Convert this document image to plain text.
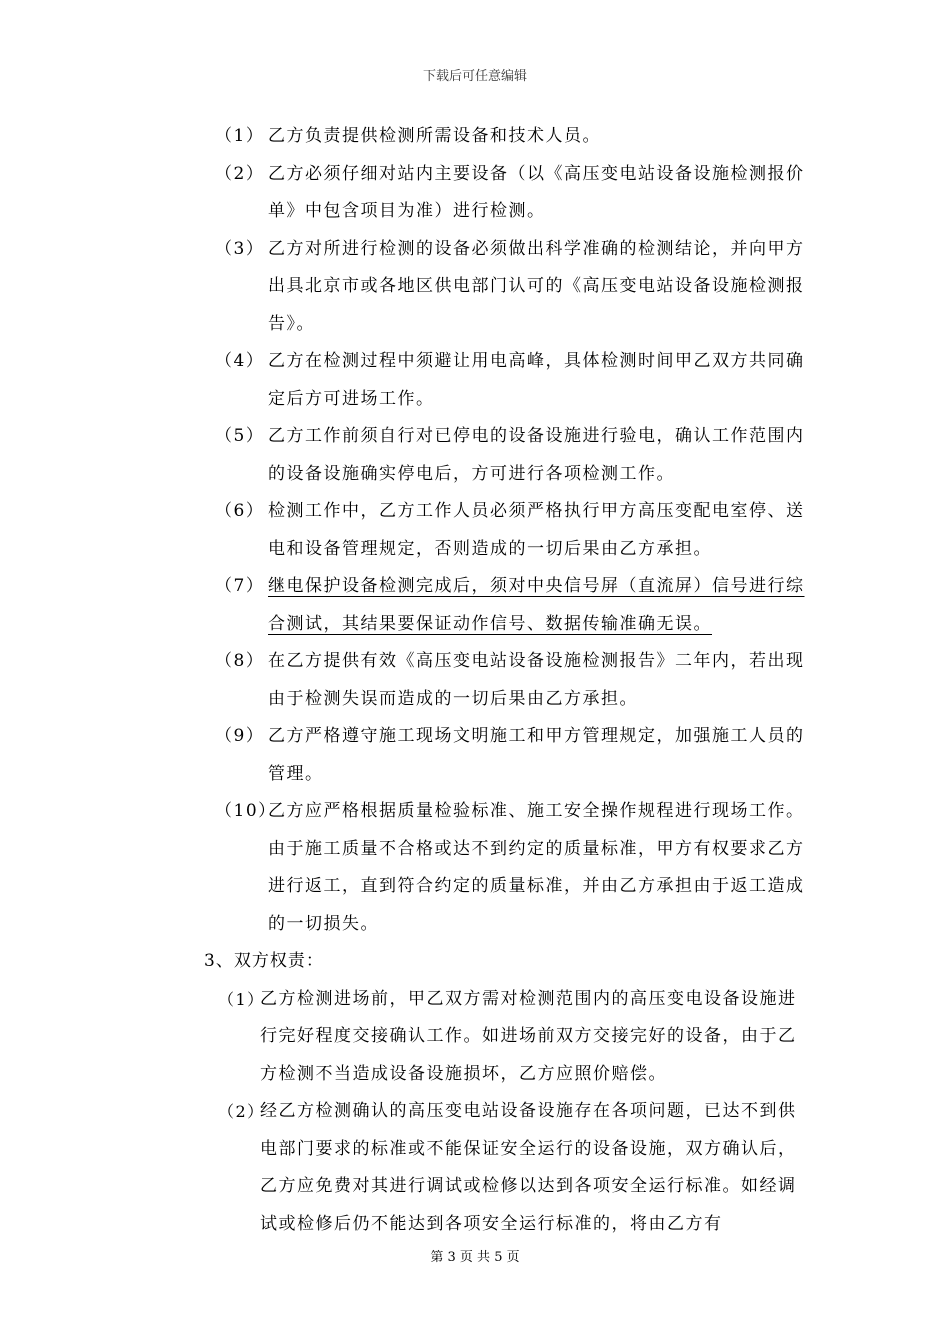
下载后可任意编辑
（1） 乙方负责提供检测所需设备和技术人员。
（2） 乙方必须仔细对站内主要设备（以《高压变电站设备设施检测报价单》中包含项目为准）进行检测。
（3） 乙方对所进行检测的设备必须做出科学准确的检测结论，并向甲方出具北京市或各地区供电部门认可的《高压变电站设备设施检测报告》。
（4） 乙方在检测过程中须避让用电高峰，具体检测时间甲乙双方共同确定后方可进场工作。
（5） 乙方工作前须自行对已停电的设备设施进行验电，确认工作范围内的设备设施确实停电后，方可进行各项检测工作。
（6） 检测工作中，乙方工作人员必须严格执行甲方高压变配电室停、送电和设备管理规定，否则造成的一切后果由乙方承担。
（7） 继电保护设备检测完成后，须对中央信号屏（直流屏）信号进行综合测试，其结果要保证动作信号、数据传输准确无误。
（8） 在乙方提供有效《高压变电站设备设施检测报告》二年内，若出现由于检测失误而造成的一切后果由乙方承担。
（9） 乙方严格遵守施工现场文明施工和甲方管理规定，加强施工人员的管理。
（10）
乙方应严格根据质量检验标准、施工安全操作规程进行现场工作。由于施工质量不合格或达不到约定的质量标准，甲方有权要求乙方进行返工，直到符合约定的质量标准，并由乙方承担由于返工造成的一切损失。
3、双方权责：
（1）
乙方检测进场前，甲乙双方需对检测范围内的高压变电设备设施进行完好程度交接确认工作。如进场前双方交接完好的设备，由于乙方检测不当造成设备设施损坏，乙方应照价赔偿。
（2）
经乙方检测确认的高压变电站设备设施存在各项问题，已达不到供电部门要求的标准或不能保证安全运行的设备设施，双方确认后，乙方应免费对其进行调试或检修以达到各项安全运行标准。如经调试或检修后仍不能达到各项安全运行标准的，将由乙方有
第 3 页 共 5 页
